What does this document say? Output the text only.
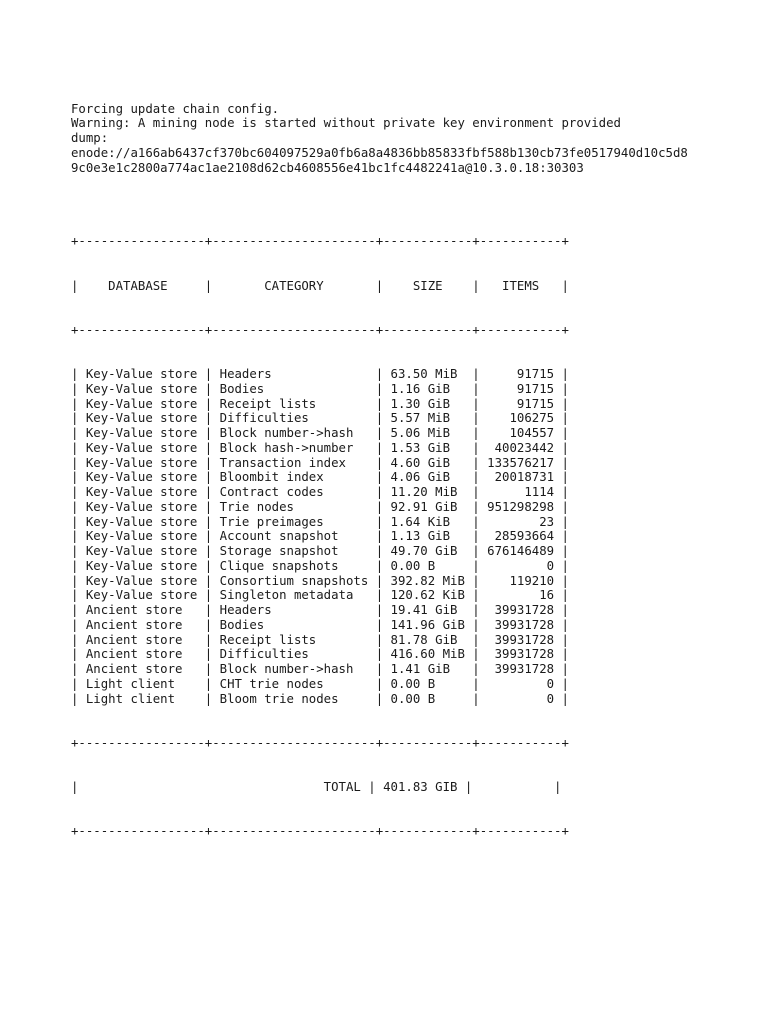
Forcing update chain config.
Warning: A mining node is started without private key environment provided
dump:
enode://a166ab6437cf370bc604097529a0fb6a8a4836bb85833fbf588b130cb73fe0517940d10c5d8
9c0e3e1c2800a774ac1ae2108d62cb4608556e41bc1fc4482241a@10.3.0.18:30303

+-----------------+----------------------+------------+-----------+

|    DATABASE     |       CATEGORY       |    SIZE    |   ITEMS   |

+-----------------+----------------------+------------+-----------+

| Key-Value store | Headers              | 63.50 MiB  |     91715 |
| Key-Value store | Bodies               | 1.16 GiB   |     91715 |
| Key-Value store | Receipt lists        | 1.30 GiB   |     91715 |
| Key-Value store | Difficulties         | 5.57 MiB   |    106275 |
| Key-Value store | Block number->hash   | 5.06 MiB   |    104557 |
| Key-Value store | Block hash->number   | 1.53 GiB   |  40023442 |
| Key-Value store | Transaction index    | 4.60 GiB   | 133576217 |
| Key-Value store | Bloombit index       | 4.06 GiB   |  20018731 |
| Key-Value store | Contract codes       | 11.20 MiB  |      1114 |
| Key-Value store | Trie nodes           | 92.91 GiB  | 951298298 |
| Key-Value store | Trie preimages       | 1.64 KiB   |        23 |
| Key-Value store | Account snapshot     | 1.13 GiB   |  28593664 |
| Key-Value store | Storage snapshot     | 49.70 GiB  | 676146489 |
| Key-Value store | Clique snapshots     | 0.00 B     |         0 |
| Key-Value store | Consortium snapshots | 392.82 MiB |    119210 |
| Key-Value store | Singleton metadata   | 120.62 KiB |        16 |
| Ancient store   | Headers              | 19.41 GiB  |  39931728 |
| Ancient store   | Bodies               | 141.96 GiB |  39931728 |
| Ancient store   | Receipt lists        | 81.78 GiB  |  39931728 |
| Ancient store   | Difficulties         | 416.60 MiB |  39931728 |
| Ancient store   | Block number->hash   | 1.41 GiB   |  39931728 |
| Light client    | CHT trie nodes       | 0.00 B     |         0 |
| Light client    | Bloom trie nodes     | 0.00 B     |         0 |

+-----------------+----------------------+------------+-----------+

|                                 TOTAL | 401.83 GIB |           |

+-----------------+----------------------+------------+-----------+
